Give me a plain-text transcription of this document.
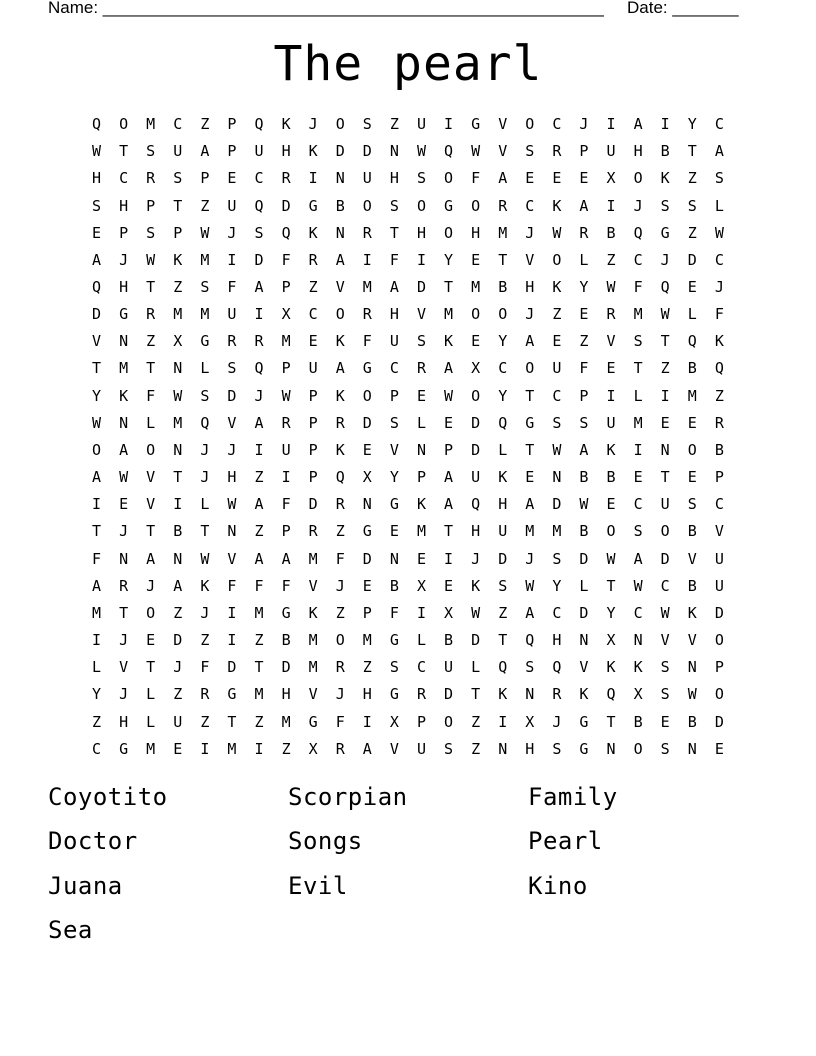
Name: _____________________________________________________ Date: _______
The pearl
Q	O	M	C	Z	P	Q	K	J	O	S	Z	U	I	G	V	O	C	J	I	A	I	Y	C
W	T	S	U	A	P	U	H	K	D	D	N	W	Q	W	V	S	R	P	U	H	B	T	A
H	C	R	S	P	E	C	R	I	N	U	H	S	O	F	A	E	E	E	X	O	K	Z	S
S	H	P	T	Z	U	Q	D	G	B	O	S	O	G	O	R	C	K	A	I	J	S	S	L
E	P	S	P	W	J	S	Q	K	N	R	T	H	O	H	M	J	W	R	B	Q	G	Z	W
A	J	W	K	M	I	D	F	R	A	I	F	I	Y	E	T	V	O	L	Z	C	J	D	C
Q	H	T	Z	S	F	A	P	Z	V	M	A	D	T	M	B	H	K	Y	W	F	Q	E	J
D	G	R	M	M	U	I	X	C	O	R	H	V	M	O	O	J	Z	E	R	M	W	L	F
V	N	Z	X	G	R	R	M	E	K	F	U	S	K	E	Y	A	E	Z	V	S	T	Q	K
T	M	T	N	L	S	Q	P	U	A	G	C	R	A	X	C	O	U	F	E	T	Z	B	Q
Y	K	F	W	S	D	J	W	P	K	O	P	E	W	O	Y	T	C	P	I	L	I	M	Z
W	N	L	M	Q	V	A	R	P	R	D	S	L	E	D	Q	G	S	S	U	M	E	E	R
O	A	O	N	J	J	I	U	P	K	E	V	N	P	D	L	T	W	A	K	I	N	O	B
A	W	V	T	J	H	Z	I	P	Q	X	Y	P	A	U	K	E	N	B	B	E	T	E	P
I	E	V	I	L	W	A	F	D	R	N	G	K	A	Q	H	A	D	W	E	C	U	S	C
T	J	T	B	T	N	Z	P	R	Z	G	E	M	T	H	U	M	M	B	O	S	O	B	V
F	N	A	N	W	V	A	A	M	F	D	N	E	I	J	D	J	S	D	W	A	D	V	U
A	R	J	A	K	F	F	F	V	J	E	B	X	E	K	S	W	Y	L	T	W	C	B	U
M	T	O	Z	J	I	M	G	K	Z	P	F	I	X	W	Z	A	C	D	Y	C	W	K	D
I	J	E	D	Z	I	Z	B	M	O	M	G	L	B	D	T	Q	H	N	X	N	V	V	O
L	V	T	J	F	D	T	D	M	R	Z	S	C	U	L	Q	S	Q	V	K	K	S	N	P
Y	J	L	Z	R	G	M	H	V	J	H	G	R	D	T	K	N	R	K	Q	X	S	W	O
Z	H	L	U	Z	T	Z	M	G	F	I	X	P	O	Z	I	X	J	G	T	B	E	B	D
C	G	M	E	I	M	I	Z	X	R	A	V	U	S	Z	N	H	S	G	N	O	S	N	E
Coyotito	Scorpian	Family
Doctor	Songs	Pearl
Juana	Evil	Kino
Sea
